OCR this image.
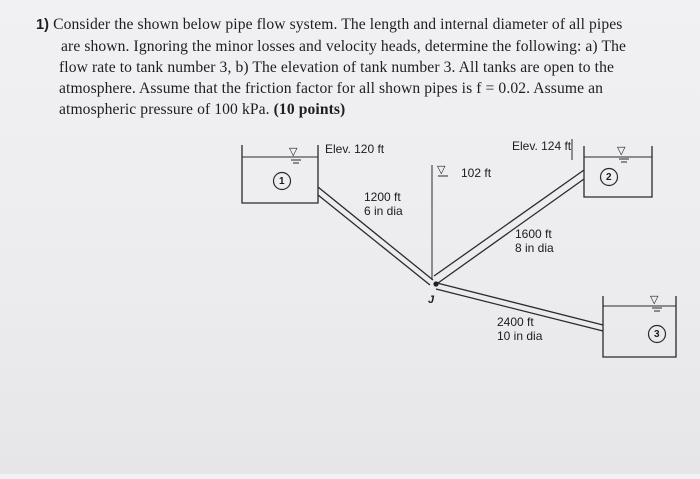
1) Consider the shown below pipe flow system. The length and internal diameter of all pipes
are shown. Ignoring the minor losses and velocity heads, determine the following: a) The
flow rate to tank number 3, b) The elevation of tank number 3. All tanks are open to the
atmosphere. Assume that the friction factor for all shown pipes is f = 0.02. Assume an
atmospheric pressure of 100 kPa. (10 points)
▽	▽
▽
▽
1	2
3
Elev. 120 ft	Elev. 124 ft
102 ft
1200 ft
6 in dia
1600 ft
8 in dia
2400 ft
10 in dia
J
